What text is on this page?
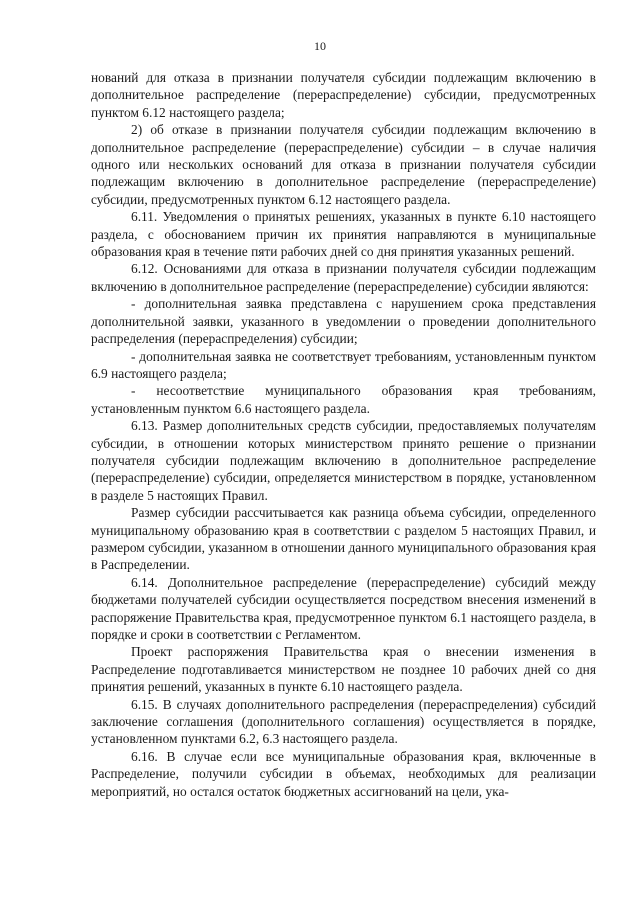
10

нований для отказа в признании получателя субсидии подлежащим включению в дополнительное распределение (перераспределение) субсидии, предусмотренных пунктом 6.12 настоящего раздела;

2) об отказе в признании получателя субсидии подлежащим включению в дополнительное распределение (перераспределение) субсидии – в случае наличия одного или нескольких оснований для отказа в признании получателя субсидии подлежащим включению в дополнительное распределение (перераспределение) субсидии, предусмотренных пунктом 6.12 настоящего раздела.

6.11. Уведомления о принятых решениях, указанных в пункте 6.10 настоящего раздела, с обоснованием причин их принятия направляются в муниципальные образования края в течение пяти рабочих дней со дня принятия указанных решений.

6.12. Основаниями для отказа в признании получателя субсидии подлежащим включению в дополнительное распределение (перераспределение) субсидии являются:

- дополнительная заявка представлена с нарушением срока представления дополнительной заявки, указанного в уведомлении о проведении дополнительного распределения (перераспределения) субсидии;

- дополнительная заявка не соответствует требованиям, установленным пунктом 6.9 настоящего раздела;

- несоответствие муниципального образования края требованиям, установленным пунктом 6.6 настоящего раздела.

6.13. Размер дополнительных средств субсидии, предоставляемых получателям субсидии, в отношении которых министерством принято решение о признании получателя субсидии подлежащим включению в дополнительное распределение (перераспределение) субсидии, определяется министерством в порядке, установленном в разделе 5 настоящих Правил.

Размер субсидии рассчитывается как разница объема субсидии, определенного муниципальному образованию края в соответствии с разделом 5 настоящих Правил, и размером субсидии, указанном в отношении данного муниципального образования края в Распределении.

6.14. Дополнительное распределение (перераспределение) субсидий между бюджетами получателей субсидии осуществляется посредством внесения изменений в распоряжение Правительства края, предусмотренное пунктом 6.1 настоящего раздела, в порядке и сроки в соответствии с Регламентом.

Проект распоряжения Правительства края о внесении изменения в Распределение подготавливается министерством не позднее 10 рабочих дней со дня принятия решений, указанных в пункте 6.10 настоящего раздела.

6.15. В случаях дополнительного распределения (перераспределения) субсидий заключение соглашения (дополнительного соглашения) осуществляется в порядке, установленном пунктами 6.2, 6.3 настоящего раздела.

6.16. В случае если все муниципальные образования края, включенные в Распределение, получили субсидии в объемах, необходимых для реализации мероприятий, но остался остаток бюджетных ассигнований на цели, ука-
